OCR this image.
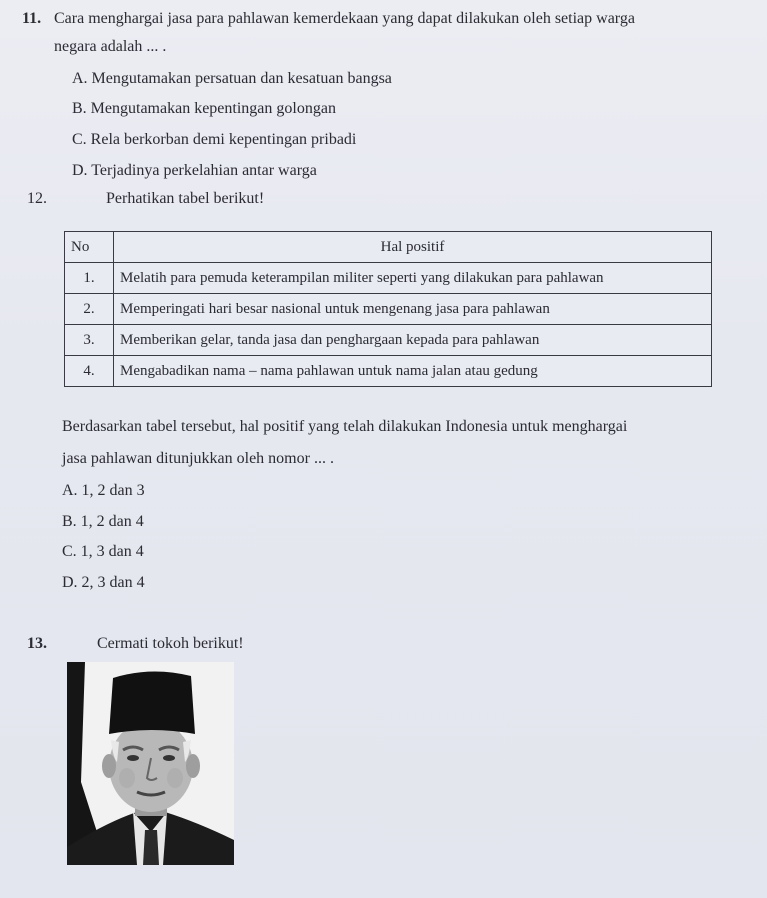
11. Cara menghargai jasa para pahlawan kemerdekaan yang dapat dilakukan oleh setiap warga
negara adalah ... .
A. Mengutamakan persatuan dan kesatuan bangsa
B. Mengutamakan kepentingan golongan
C. Rela berkorban demi kepentingan pribadi
D. Terjadinya perkelahian antar warga
12.	Perhatikan tabel berikut!
No	Hal positif
1.	Melatih para pemuda keterampilan militer seperti yang dilakukan para pahlawan
2.	Memperingati hari besar nasional untuk mengenang jasa para pahlawan
3.	Memberikan gelar, tanda jasa dan penghargaan kepada para pahlawan
4.	Mengabadikan nama – nama pahlawan untuk nama jalan atau gedung
Berdasarkan tabel tersebut, hal positif yang telah dilakukan Indonesia untuk menghargai
jasa pahlawan ditunjukkan oleh nomor ... .
A. 1, 2 dan 3
B. 1, 2 dan 4
C. 1, 3 dan 4
D. 2, 3 dan 4
13.	Cermati tokoh berikut!
